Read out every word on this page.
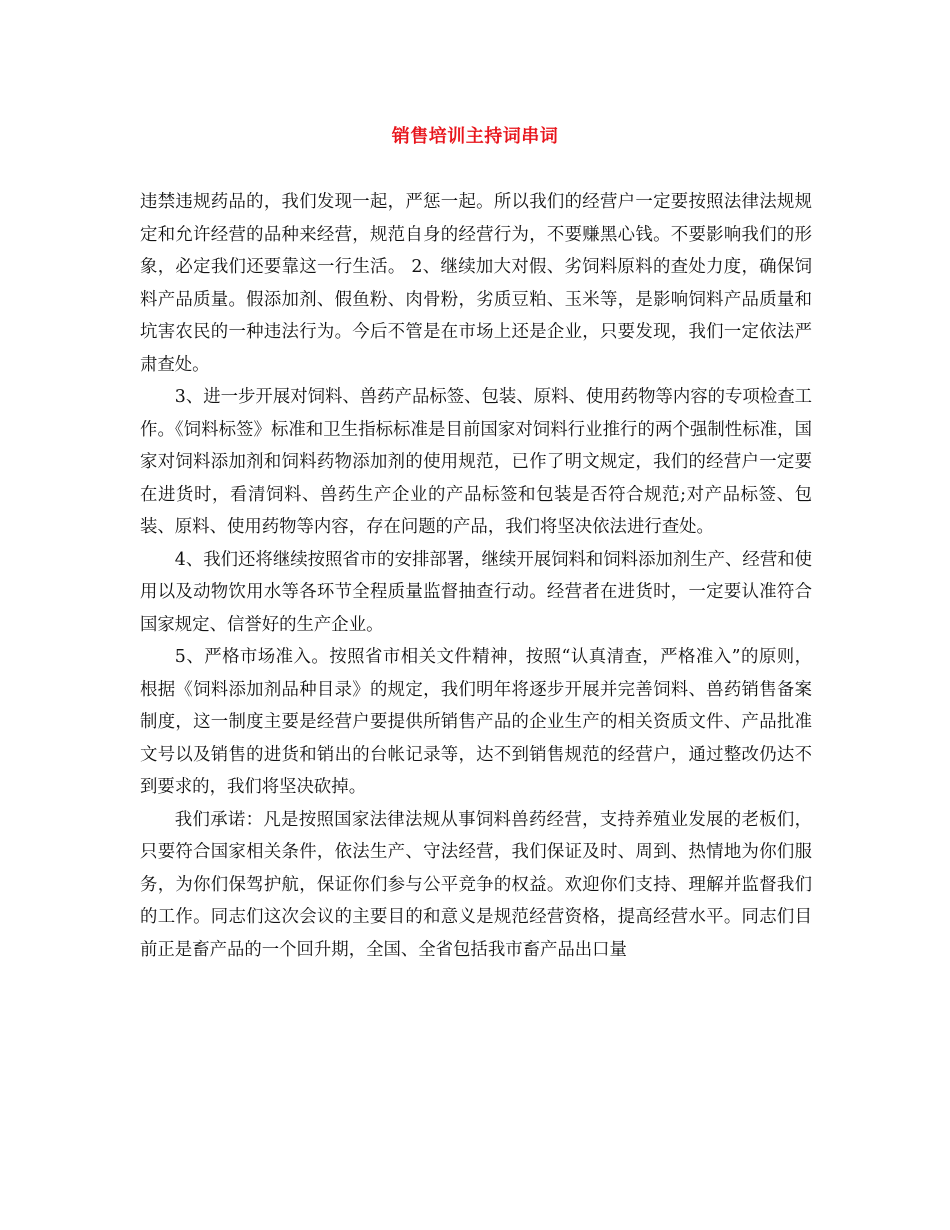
销售培训主持词串词

违禁违规药品的，我们发现一起，严惩一起。所以我们的经营户一定要按照法律法规规定和允许经营的品种来经营，规范自身的经营行为，不要赚黑心钱。不要影响我们的形象，必定我们还要靠这一行生活。 2、继续加大对假、劣饲料原料的查处力度，确保饲料产品质量。假添加剂、假鱼粉、肉骨粉，劣质豆粕、玉米等，是影响饲料产品质量和坑害农民的一种违法行为。今后不管是在市场上还是企业，只要发现，我们一定依法严肃查处。

3、进一步开展对饲料、兽药产品标签、包装、原料、使用药物等内容的专项检查工作。《饲料标签》标准和卫生指标标准是目前国家对饲料行业推行的两个强制性标准，国家对饲料添加剂和饲料药物添加剂的使用规范，已作了明文规定，我们的经营户一定要在进货时，看清饲料、兽药生产企业的产品标签和包装是否符合规范;对产品标签、包装、原料、使用药物等内容，存在问题的产品，我们将坚决依法进行查处。

4、我们还将继续按照省市的安排部署，继续开展饲料和饲料添加剂生产、经营和使用以及动物饮用水等各环节全程质量监督抽查行动。经营者在进货时，一定要认准符合国家规定、信誉好的生产企业。

5、严格市场准入。按照省市相关文件精神，按照“认真清查，严格准入”的原则，根据《饲料添加剂品种目录》的规定，我们明年将逐步开展并完善饲料、兽药销售备案制度，这一制度主要是经营户要提供所销售产品的企业生产的相关资质文件、产品批准文号以及销售的进货和销出的台帐记录等，达不到销售规范的经营户，通过整改仍达不到要求的，我们将坚决砍掉。

我们承诺：凡是按照国家法律法规从事饲料兽药经营，支持养殖业发展的老板们，只要符合国家相关条件，依法生产、守法经营，我们保证及时、周到、热情地为你们服务，为你们保驾护航，保证你们参与公平竞争的权益。欢迎你们支持、理解并监督我们的工作。同志们这次会议的主要目的和意义是规范经营资格，提高经营水平。同志们目前正是畜产品的一个回升期，全国、全省包括我市畜产品出口量
